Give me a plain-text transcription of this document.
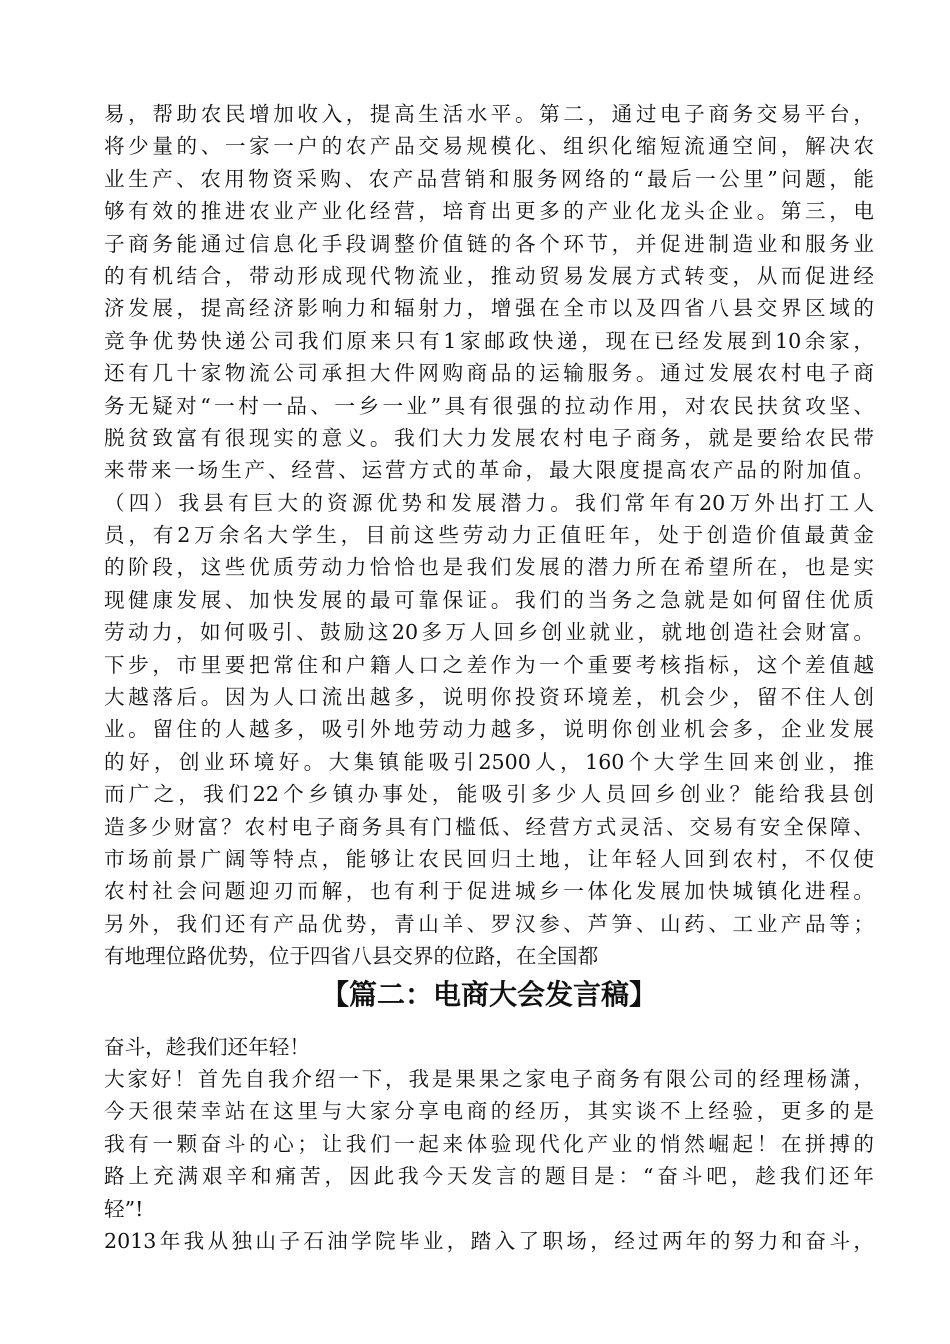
易，帮助农民增加收入，提高生活水平。第二，通过电子商务交易平台，
将少量的、一家一户的农产品交易规模化、组织化缩短流通空间，解决农
业生产、农用物资采购、农产品营销和服务网络的“最后一公里”问题，能
够有效的推进农业产业化经营，培育出更多的产业化龙头企业。第三，电
子商务能通过信息化手段调整价值链的各个环节，并促进制造业和服务业
的有机结合，带动形成现代物流业，推动贸易发展方式转变，从而促进经
济发展，提高经济影响力和辐射力，增强在全市以及四省八县交界区域的
竞争优势快递公司我们原来只有1家邮政快递，现在已经发展到10余家，
还有几十家物流公司承担大件网购商品的运输服务。通过发展农村电子商
务无疑对“一村一品、一乡一业”具有很强的拉动作用，对农民扶贫攻坚、
脱贫致富有很现实的意义。我们大力发展农村电子商务，就是要给农民带
来带来一场生产、经营、运营方式的革命，最大限度提高农产品的附加值。
（四）我县有巨大的资源优势和发展潜力。我们常年有20万外出打工人
员，有2万余名大学生，目前这些劳动力正值旺年，处于创造价值最黄金
的阶段，这些优质劳动力恰恰也是我们发展的潜力所在希望所在，也是实
现健康发展、加快发展的最可靠保证。我们的当务之急就是如何留住优质
劳动力，如何吸引、鼓励这20多万人回乡创业就业，就地创造社会财富。
下步，市里要把常住和户籍人口之差作为一个重要考核指标，这个差值越
大越落后。因为人口流出越多，说明你投资环境差，机会少，留不住人创
业。留住的人越多，吸引外地劳动力越多，说明你创业机会多，企业发展
的好，创业环境好。大集镇能吸引2500人，160个大学生回来创业，推
而广之，我们22个乡镇办事处，能吸引多少人员回乡创业？能给我县创
造多少财富？农村电子商务具有门槛低、经营方式灵活、交易有安全保障、
市场前景广阔等特点，能够让农民回归土地，让年轻人回到农村，不仅使
农村社会问题迎刃而解，也有利于促进城乡一体化发展加快城镇化进程。
另外，我们还有产品优势，青山羊、罗汉参、芦笋、山药、工业产品等；
有地理位路优势，位于四省八县交界的位路，在全国都
【篇二：电商大会发言稿】
奋斗，趁我们还年轻！
大家好！首先自我介绍一下，我是果果之家电子商务有限公司的经理杨潇，
今天很荣幸站在这里与大家分享电商的经历，其实谈不上经验，更多的是
我有一颗奋斗的心；让我们一起来体验现代化产业的悄然崛起！在拼搏的
路上充满艰辛和痛苦，因此我今天发言的题目是：“奋斗吧，趁我们还年
轻”!
2013年我从独山子石油学院毕业，踏入了职场，经过两年的努力和奋斗，
